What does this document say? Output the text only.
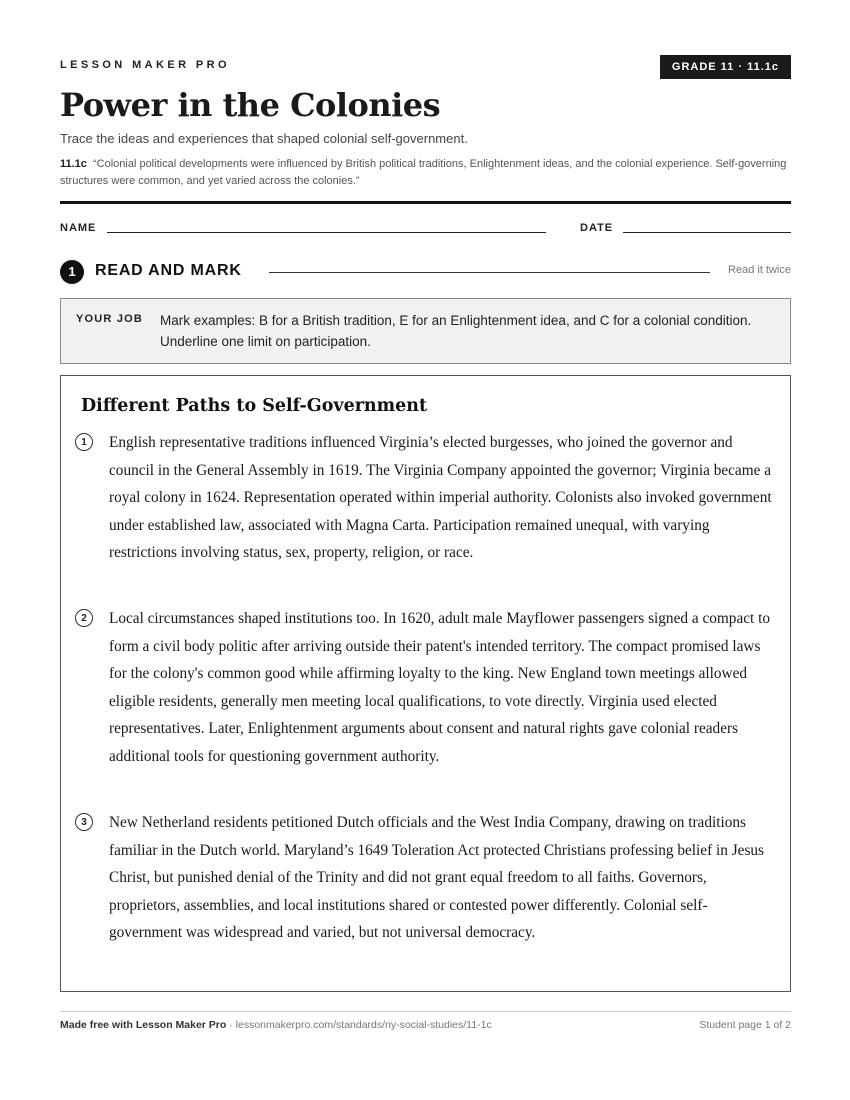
LESSON MAKER PRO	GRADE 11 · 11.1c
Power in the Colonies
Trace the ideas and experiences that shaped colonial self-government.
11.1c “Colonial political developments were influenced by British political traditions, Enlightenment ideas, and the colonial experience. Self-governing structures were common, and yet varied across the colonies.”
NAME	DATE
1	READ AND MARK	Read it twice
YOUR JOB Mark examples: B for a British tradition, E for an Enlightenment idea, and C for a colonial condition. Underline one limit on participation.
Different Paths to Self-Government
1	English representative traditions influenced Virginia’s elected burgesses, who joined the governor and council in the General Assembly in 1619. The Virginia Company appointed the governor; Virginia became a royal colony in 1624. Representation operated within imperial authority. Colonists also invoked government under established law, associated with Magna Carta. Participation remained unequal, with varying restrictions involving status, sex, property, religion, or race.

2	Local circumstances shaped institutions too. In 1620, adult male Mayflower passengers signed a compact to form a civil body politic after arriving outside their patent's intended territory. The compact promised laws for the colony's common good while affirming loyalty to the king. New England town meetings allowed eligible residents, generally men meeting local qualifications, to vote directly. Virginia used elected representatives. Later, Enlightenment arguments about consent and natural rights gave colonial readers additional tools for questioning government authority.

3	New Netherland residents petitioned Dutch officials and the West India Company, drawing on traditions familiar in the Dutch world. Maryland’s 1649 Toleration Act protected Christians professing belief in Jesus Christ, but punished denial of the Trinity and did not grant equal freedom to all faiths. Governors, proprietors, assemblies, and local institutions shared or contested power differently. Colonial self-government was widespread and varied, but not universal democracy.

Made free with Lesson Maker Pro · lessonmakerpro.com/standards/ny-social-studies/11-1c	Student page 1 of 2
